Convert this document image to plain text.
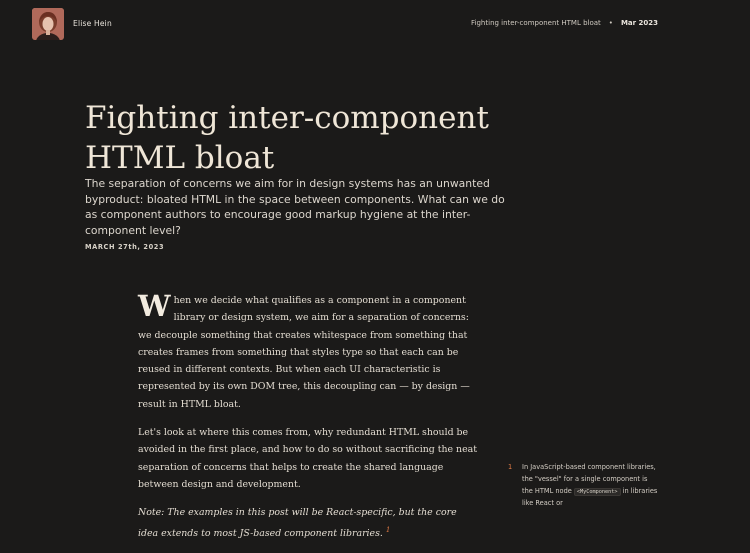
Elise Hein	Fighting inter-component HTML bloat • Mar 2023
Fighting inter-component HTML bloat

The separation of concerns we aim for in design systems has an unwanted byproduct: bloated HTML in the space between components. What can we do as component authors to encourage good markup hygiene at the inter-component level?

MARCH 27th, 2023

When we decide what qualifies as a component in a component library or design system, we aim for a separation of concerns: we decouple something that creates whitespace from something that creates frames from something that styles type so that each can be reused in different contexts. But when each UI characteristic is represented by its own DOM tree, this decoupling can — by design — result in HTML bloat.

Let's look at where this comes from, why redundant HTML should be avoided in the first place, and how to do so without sacrificing the neat separation of concerns that helps to create the shared language between design and development.

Note: The examples in this post will be React-specific, but the core idea extends to most JS-based component libraries. $^1$

1	In JavaScript-based component libraries, the "vessel" for a single component is the HTML node <MyComponent> in libraries like React or
